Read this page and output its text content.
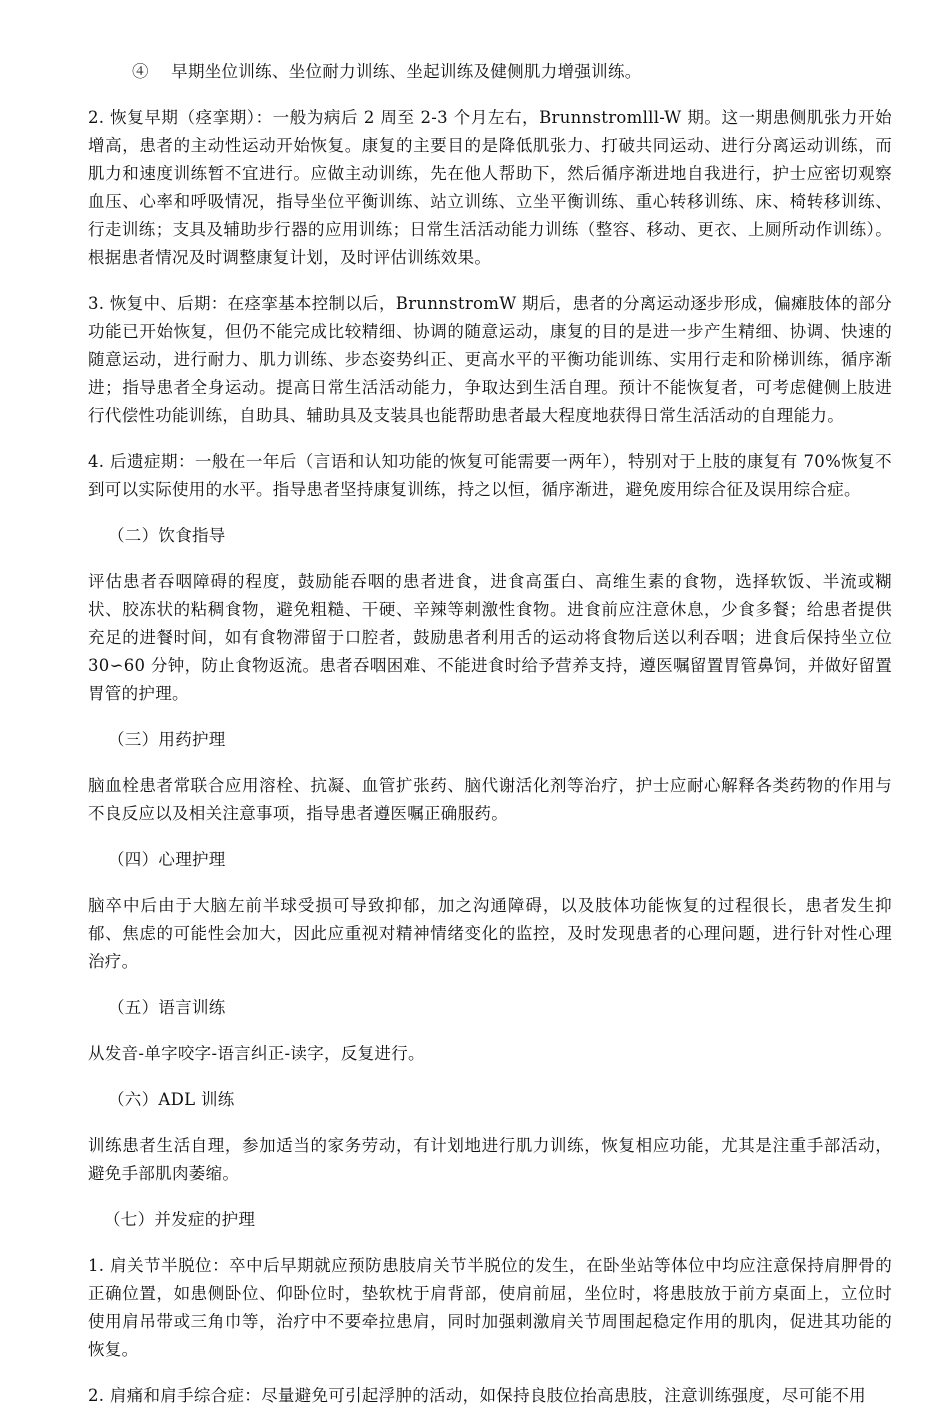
④　 早期坐位训练、坐位耐力训练、坐起训练及健侧肌力增强训练。

2. 恢复早期（痉挛期）：一般为病后 2 周至 2-3 个月左右，Brunnstromlll-W 期。这一期患侧肌张力开始增高，患者的主动性运动开始恢复。康复的主要目的是降低肌张力、打破共同运动、进行分离运动训练，而肌力和速度训练暂不宜进行。应做主动训练，先在他人帮助下，然后循序渐进地自我进行，护士应密切观察血压、心率和呼吸情况，指导坐位平衡训练、站立训练、立坐平衡训练、重心转移训练、床、椅转移训练、行走训练；支具及辅助步行器的应用训练；日常生活活动能力训练（整容、移动、更衣、上厕所动作训练）。根据患者情况及时调整康复计划，及时评估训练效果。

3. 恢复中、后期：在痉挛基本控制以后，BrunnstromW 期后，患者的分离运动逐步形成，偏瘫肢体的部分功能已开始恢复，但仍不能完成比较精细、协调的随意运动，康复的目的是进一步产生精细、协调、快速的随意运动，进行耐力、肌力训练、步态姿势纠正、更高水平的平衡功能训练、实用行走和阶梯训练，循序渐进；指导患者全身运动。提高日常生活活动能力，争取达到生活自理。预计不能恢复者，可考虑健侧上肢进行代偿性功能训练，自助具、辅助具及支装具也能帮助患者最大程度地获得日常生活活动的自理能力。

4. 后遗症期：一般在一年后（言语和认知功能的恢复可能需要一两年），特别对于上肢的康复有 70%恢复不到可以实际使用的水平。指导患者坚持康复训练，持之以恒，循序渐进，避免废用综合征及误用综合症。

（二）饮食指导

评估患者吞咽障碍的程度，鼓励能吞咽的患者进食，进食高蛋白、高维生素的食物，选择软饭、半流或糊状、胶冻状的粘稠食物，避免粗糙、干硬、辛辣等刺激性食物。进食前应注意休息，少食多餐；给患者提供充足的进餐时间，如有食物滞留于口腔者，鼓励患者利用舌的运动将食物后送以利吞咽；进食后保持坐立位 30∽60 分钟，防止食物返流。患者吞咽困难、不能进食时给予营养支持，遵医嘱留置胃管鼻饲，并做好留置胃管的护理。

（三）用药护理

脑血栓患者常联合应用溶栓、抗凝、血管扩张药、脑代谢活化剂等治疗，护士应耐心解释各类药物的作用与不良反应以及相关注意事项，指导患者遵医嘱正确服药。

（四）心理护理

脑卒中后由于大脑左前半球受损可导致抑郁，加之沟通障碍，以及肢体功能恢复的过程很长，患者发生抑郁、焦虑的可能性会加大，因此应重视对精神情绪变化的监控，及时发现患者的心理问题，进行针对性心理治疗。

（五）语言训练

从发音-单字咬字-语言纠正-读字，反复进行。

（六）ADL 训练

训练患者生活自理，参加适当的家务劳动，有计划地进行肌力训练，恢复相应功能，尤其是注重手部活动，避免手部肌肉萎缩。

（七）并发症的护理

1. 肩关节半脱位：卒中后早期就应预防患肢肩关节半脱位的发生，在卧坐站等体位中均应注意保持肩胛骨的正确位置，如患侧卧位、仰卧位时，垫软枕于肩背部，使肩前屈，坐位时，将患肢放于前方桌面上，立位时使用肩吊带或三角巾等，治疗中不要牵拉患肩，同时加强刺激肩关节周围起稳定作用的肌肉，促进其功能的恢复。

2. 肩痛和肩手综合症：尽量避免可引起浮肿的活动，如保持良肢位抬高患肢，注意训练强度，尽可能不用
